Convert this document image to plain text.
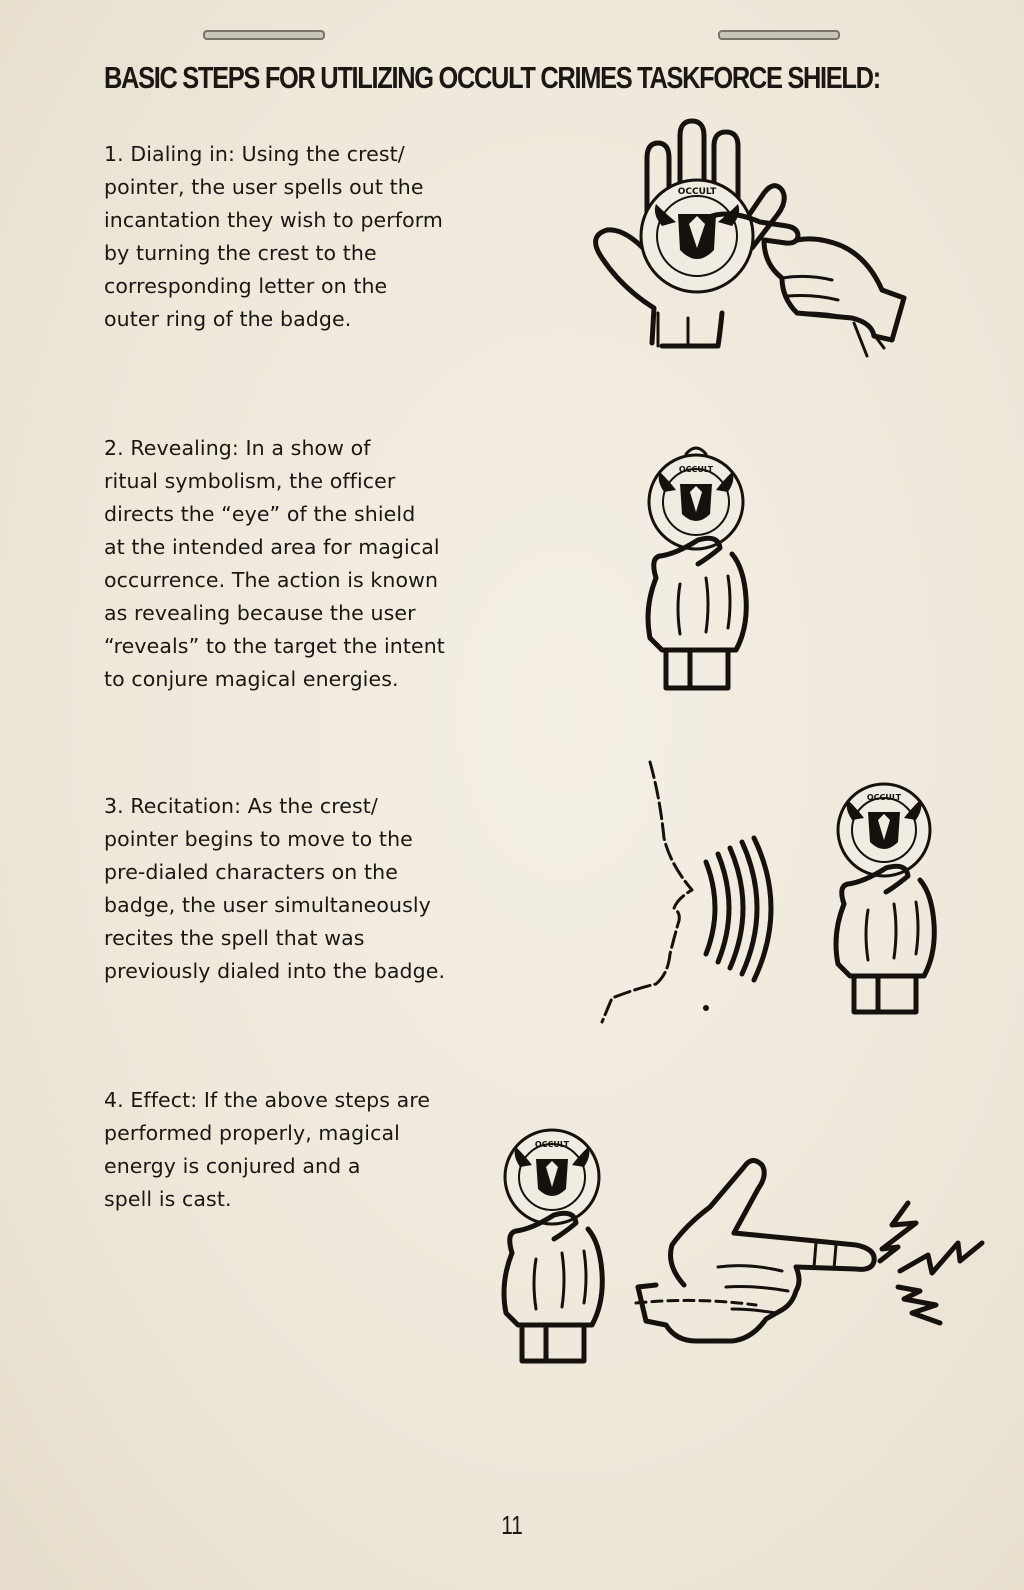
BASIC STEPS FOR UTILIZING OCCULT CRIMES TASKFORCE SHIELD:

1. Dialing in: Using the crest/
pointer, the user spells out the
incantation they wish to perform
by turning the crest to the
corresponding letter on the
outer ring of the badge.

2. Revealing: In a show of
ritual symbolism, the officer
directs the “eye” of the shield
at the intended area for magical
occurrence. The action is known
as revealing because the user
“reveals” to the target the intent
to conjure magical energies.

3. Recitation: As the crest/
pointer begins to move to the
pre-dialed characters on the
badge, the user simultaneously
recites the spell that was
previously dialed into the badge.

4. Effect: If the above steps are
performed properly, magical
energy is conjured and a
spell is cast.

OCCULT
OCCULT
OCCULT
OCCULT
11
